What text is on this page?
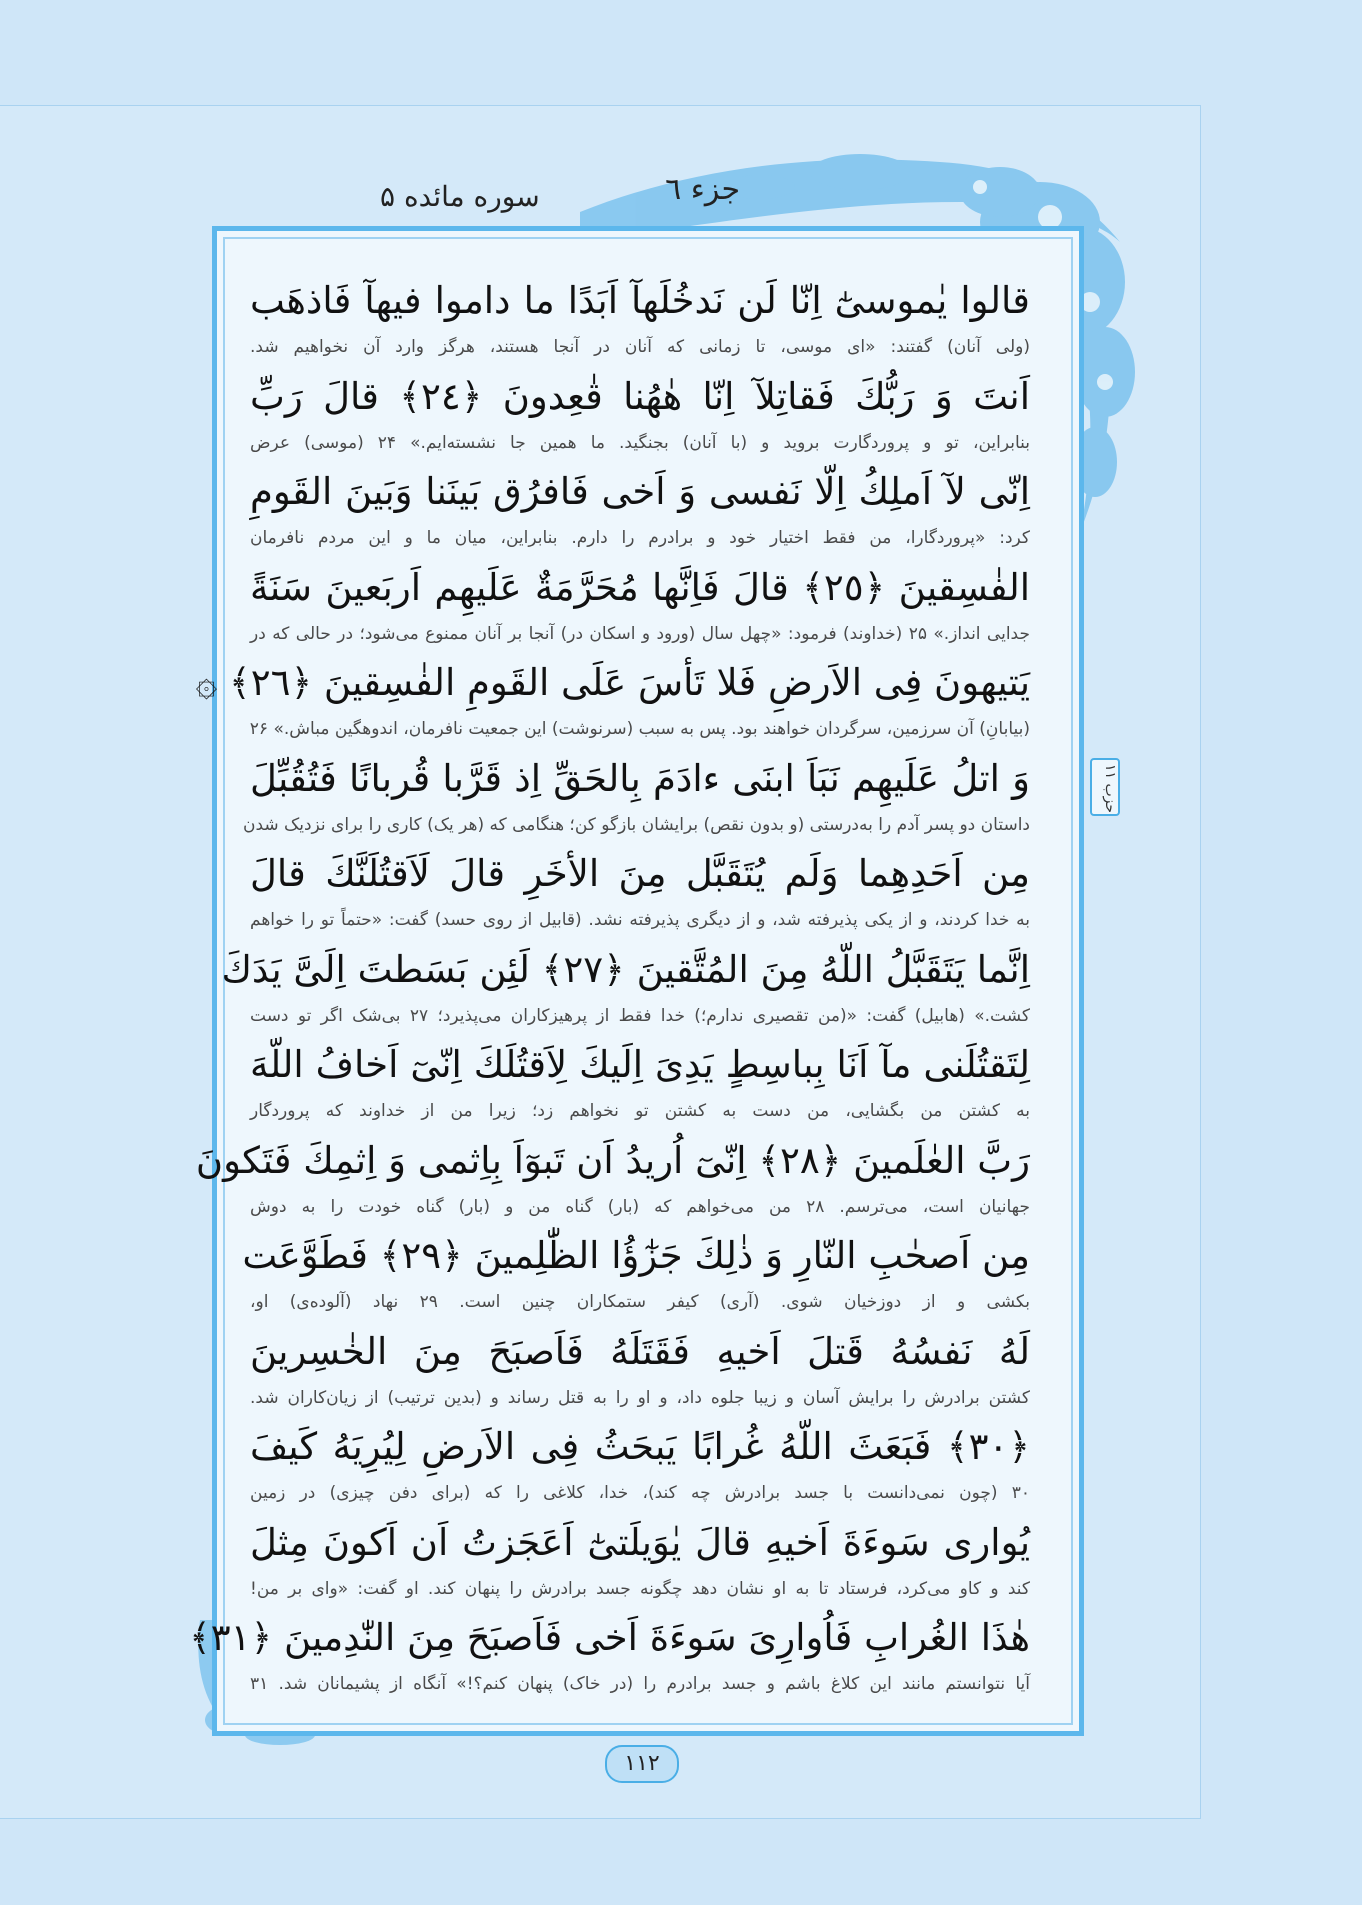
جزء ٦
سوره مائده ۵
حزب ١١
قالوا يٰموسىٰٓ اِنّا لَن نَدخُلَهآ اَبَدًا ما داموا فيهآ فَاذهَب
(ولی آنان) گفتند: «ای موسی، تا زمانی که آنان در آنجا هستند، هرگز وارد آن نخواهیم شد.
اَنتَ وَ رَبُّكَ فَقاتِلآ اِنّا هٰهُنا قٰعِدونَ ﴿٢٤﴾ قالَ رَبِّ
بنابراین، تو و پروردگارت بروید و (با آنان) بجنگید. ما همین جا نشسته‌ایم.» ۲۴ (موسی) عرض
اِنّى لآ اَملِكُ اِلّا نَفسى وَ اَخى فَافرُق بَينَنا وَبَينَ القَومِ
کرد: «پروردگارا، من فقط اختیار خود و برادرم را دارم. بنابراین، میان ما و این مردم نافرمان
الفٰسِقينَ ﴿٢٥﴾ قالَ فَاِنَّها مُحَرَّمَةٌ عَلَيهِم اَربَعينَ سَنَةً
جدایی انداز.» ۲۵ (خداوند) فرمود: «چهل سال (ورود و اسکان در) آنجا بر آنان ممنوع می‌شود؛ در حالی که در
يَتيهونَ فِى الاَرضِ فَلا تَأسَ عَلَى القَومِ الفٰسِقينَ ﴿٢٦﴾ ۞
(بیابانِ) آن سرزمین، سرگردان خواهند بود. پس به سبب (سرنوشت) این جمعیت نافرمان، اندوهگین مباش.» ۲۶
وَ اتلُ عَلَيهِم نَبَاَ ابنَى ءادَمَ بِالحَقِّ اِذ قَرَّبا قُربانًا فَتُقُبِّلَ
داستان دو پسر آدم را به‌درستی (و بدون نقص) برایشان بازگو کن؛ هنگامی که (هر یک) کاری را برای نزدیک شدن
مِن اَحَدِهِما وَلَم يُتَقَبَّل مِنَ الأخَرِ قالَ لَاَقتُلَنَّكَ قالَ
به خدا کردند، و از یکی پذیرفته شد، و از دیگری پذیرفته نشد. (قابیل از روی حسد) گفت: «حتماً تو را خواهم
اِنَّما يَتَقَبَّلُ اللّهُ مِنَ المُتَّقينَ ﴿٢٧﴾ لَئِن بَسَطتَ اِلَىَّ يَدَكَ
کشت.» (هابیل) گفت: «(من تقصیری ندارم؛) خدا فقط از پرهیزکاران می‌پذیرد؛ ۲۷ بی‌شک اگر تو دست
لِتَقتُلَنى مآ اَنَا بِباسِطٍ يَدِىَ اِلَيكَ لِاَقتُلَكَ اِنّىٓ اَخافُ اللّهَ
به کشتن من بگشایی، من دست به کشتن تو نخواهم زد؛ زیرا من از خداوند که پروردگار
رَبَّ العٰلَمينَ ﴿٢٨﴾ اِنّىٓ اُريدُ اَن تَبوٓاَ بِاِثمى وَ اِثمِكَ فَتَكونَ
جهانیان است، می‌ترسم. ۲۸ من می‌خواهم که (بار) گناه من و (بار) گناه خودت را به دوش
مِن اَصحٰبِ النّارِ وَ ذٰلِكَ جَزٰٓؤُا الظّٰلِمينَ ﴿٢٩﴾ فَطَوَّعَت
بکشی و از دوزخیان شوی. (آری) کیفر ستمکاران چنین است. ۲۹ نهاد (آلوده‌ی) او،
لَهُ نَفسُهُ قَتلَ اَخيهِ فَقَتَلَهُ فَاَصبَحَ مِنَ الخٰسِرينَ
کشتن برادرش را برایش آسان و زیبا جلوه داد، و او را به قتل رساند و (بدین ترتیب) از زیان‌کاران شد.
﴿٣٠﴾ فَبَعَثَ اللّهُ غُرابًا يَبحَثُ فِى الاَرضِ لِيُرِيَهُ كَيفَ
۳۰ (چون نمی‌دانست با جسد برادرش چه کند)، خدا، کلاغی را که (برای دفن چیزی) در زمین
يُوارى سَوءَةَ اَخيهِ قالَ يٰوَيلَتىٰٓ اَعَجَزتُ اَن اَكونَ مِثلَ
کند و کاو می‌کرد، فرستاد تا به او نشان دهد چگونه جسد برادرش را پنهان کند. او گفت: «وای بر من!
هٰذَا الغُرابِ فَاُوارِىَ سَوءَةَ اَخى فَاَصبَحَ مِنَ النّٰدِمينَ ﴿٣١﴾
آیا نتوانستم مانند این کلاغ باشم و جسد برادرم را (در خاک) پنهان کنم؟!» آنگاه از پشیمانان شد. ۳۱
١١٢
